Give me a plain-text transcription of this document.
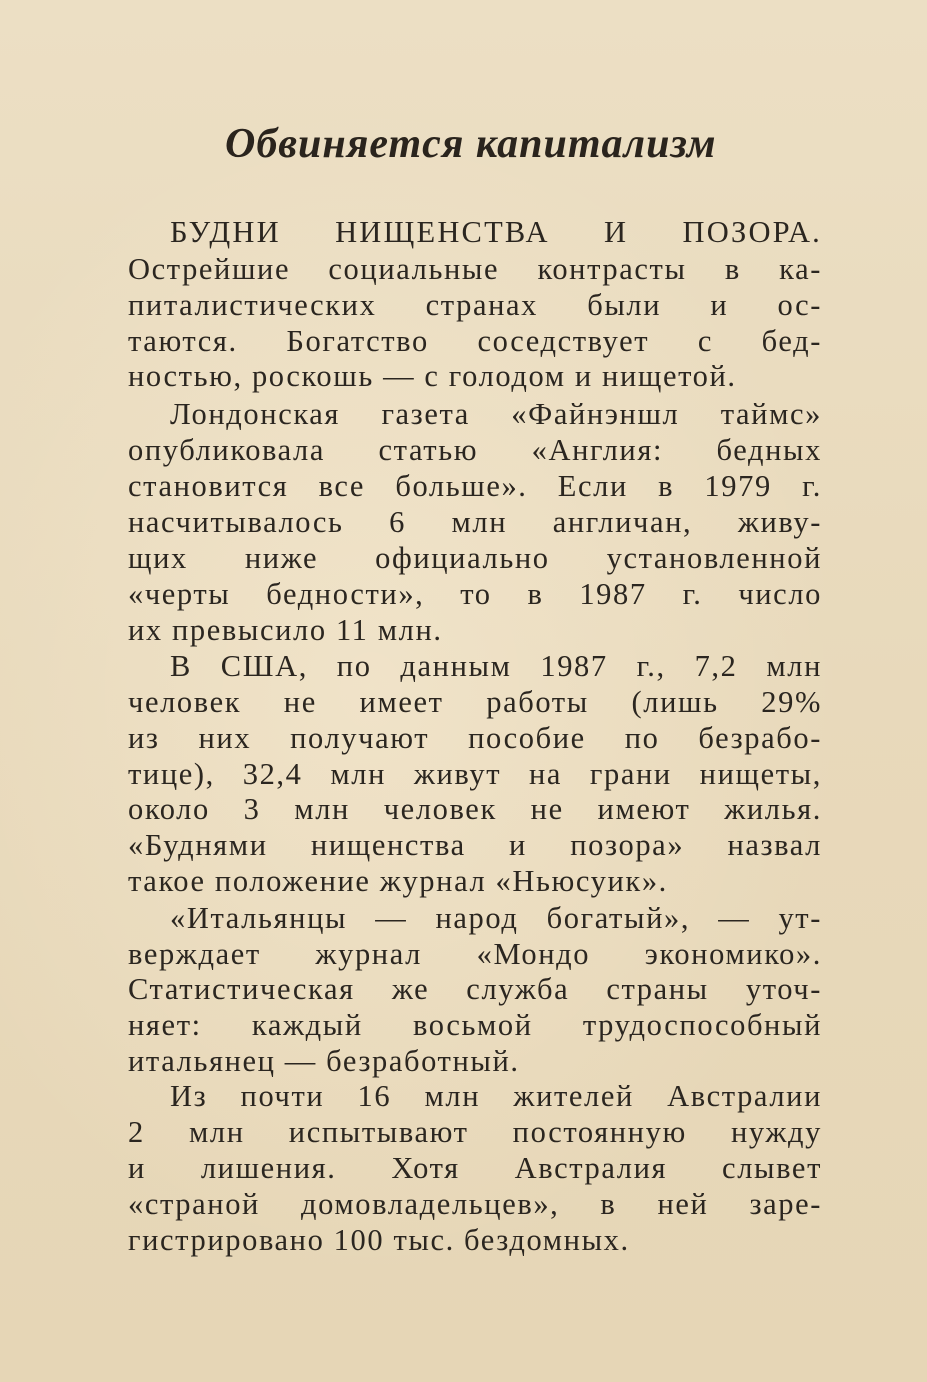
Обвиняется капитализм
БУДНИ НИЩЕНСТВА И ПОЗОРА.
Острейшие социальные контрасты в ка-
питалистических странах были и ос-
таются. Богатство соседствует с бед-
ностью, роскошь — с голодом и нищетой.
Лондонская газета «Файнэншл таймс»
опубликовала статью «Англия: бедных
становится все больше». Если в 1979 г.
насчитывалось 6 млн англичан, живу-
щих ниже официально установленной
«черты бедности», то в 1987 г. число
их превысило 11 млн.
В США, по данным 1987 г., 7,2 млн
человек не имеет работы (лишь 29%
из них получают пособие по безрабо-
тице), 32,4 млн живут на грани нищеты,
около 3 млн человек не имеют жилья.
«Буднями нищенства и позора» назвал
такое положение журнал «Ньюсуик».
«Итальянцы — народ богатый», — ут-
верждает журнал «Мондо экономико».
Статистическая же служба страны уточ-
няет: каждый восьмой трудоспособный
итальянец — безработный.
Из почти 16 млн жителей Австралии
2 млн испытывают постоянную нужду
и лишения. Хотя Австралия слывет
«страной домовладельцев», в ней заре-
гистрировано 100 тыс. бездомных.
